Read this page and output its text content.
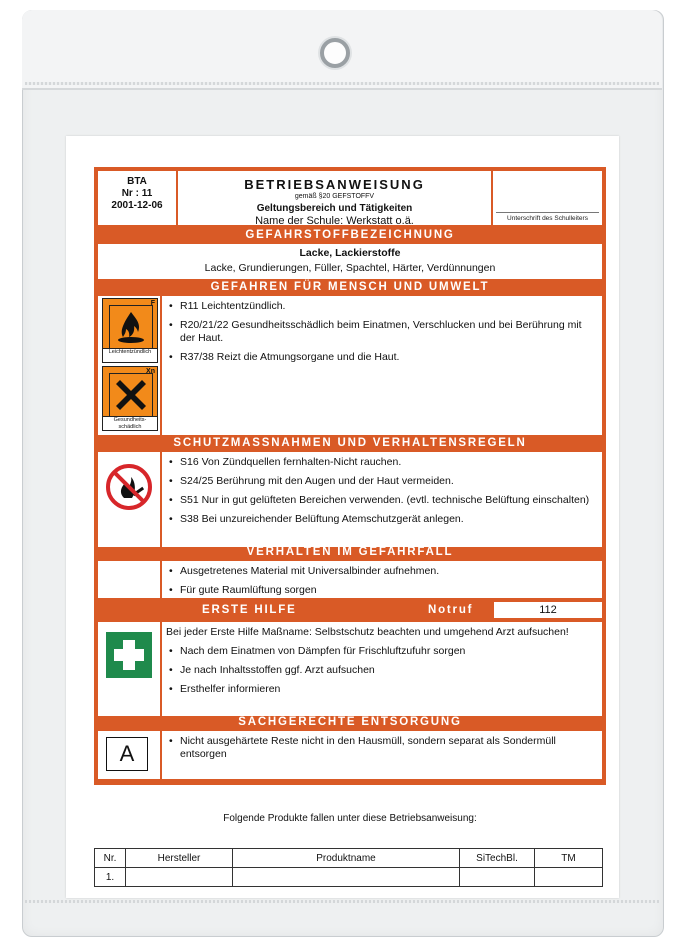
BTA
Nr : 11
2001-12-06
BETRIEBSANWEISUNG
gemäß §20 GEFSTOFFV
Geltungsbereich und Tätigkeiten
Name der Schule: Werkstatt o.ä.	Unterschrift des Schulleiters
GEFAHRSTOFFBEZEICHNUNG
Lacke, Lackierstoffe
Lacke, Grundierungen, Füller, Spachtel, Härter, Verdünnungen
GEFAHREN FÜR MENSCH UND UMWELT
F
Leichtentzündlich
Xn
Gesundheits-schädlich
• R11 Leichtentzündlich.
• R20/21/22 Gesundheitsschädlich beim Einatmen, Verschlucken und bei Berührung mit der Haut.
• R37/38 Reizt die Atmungsorgane und die Haut.
SCHUTZMASSNAHMEN UND VERHALTENSREGELN
• S16 Von Zündquellen fernhalten-Nicht rauchen.
• S24/25 Berührung mit den Augen und der Haut vermeiden.
• S51 Nur in gut gelüfteten Bereichen verwenden. (evtl. technische Belüftung einschalten)
• S38 Bei unzureichender Belüftung Atemschutzgerät anlegen.
VERHALTEN IM GEFAHRFALL
• Ausgetretenes Material mit Universalbinder aufnehmen.
• Für gute Raumlüftung sorgen
ERSTE HILFE	Notruf	112
Bei jeder Erste Hilfe Maßname: Selbstschutz beachten und umgehend Arzt aufsuchen!
• Nach dem Einatmen von Dämpfen für Frischluftzufuhr sorgen
• Je nach Inhaltsstoffen ggf. Arzt aufsuchen
• Ersthelfer informieren
SACHGERECHTE ENTSORGUNG
A	• Nicht ausgehärtete Reste nicht in den Hausmüll, sondern separat als Sondermüll entsorgen
Folgende Produkte fallen unter diese Betriebsanweisung:
Nr.	Hersteller	Produktname	SiTechBl.	TM
1.				
